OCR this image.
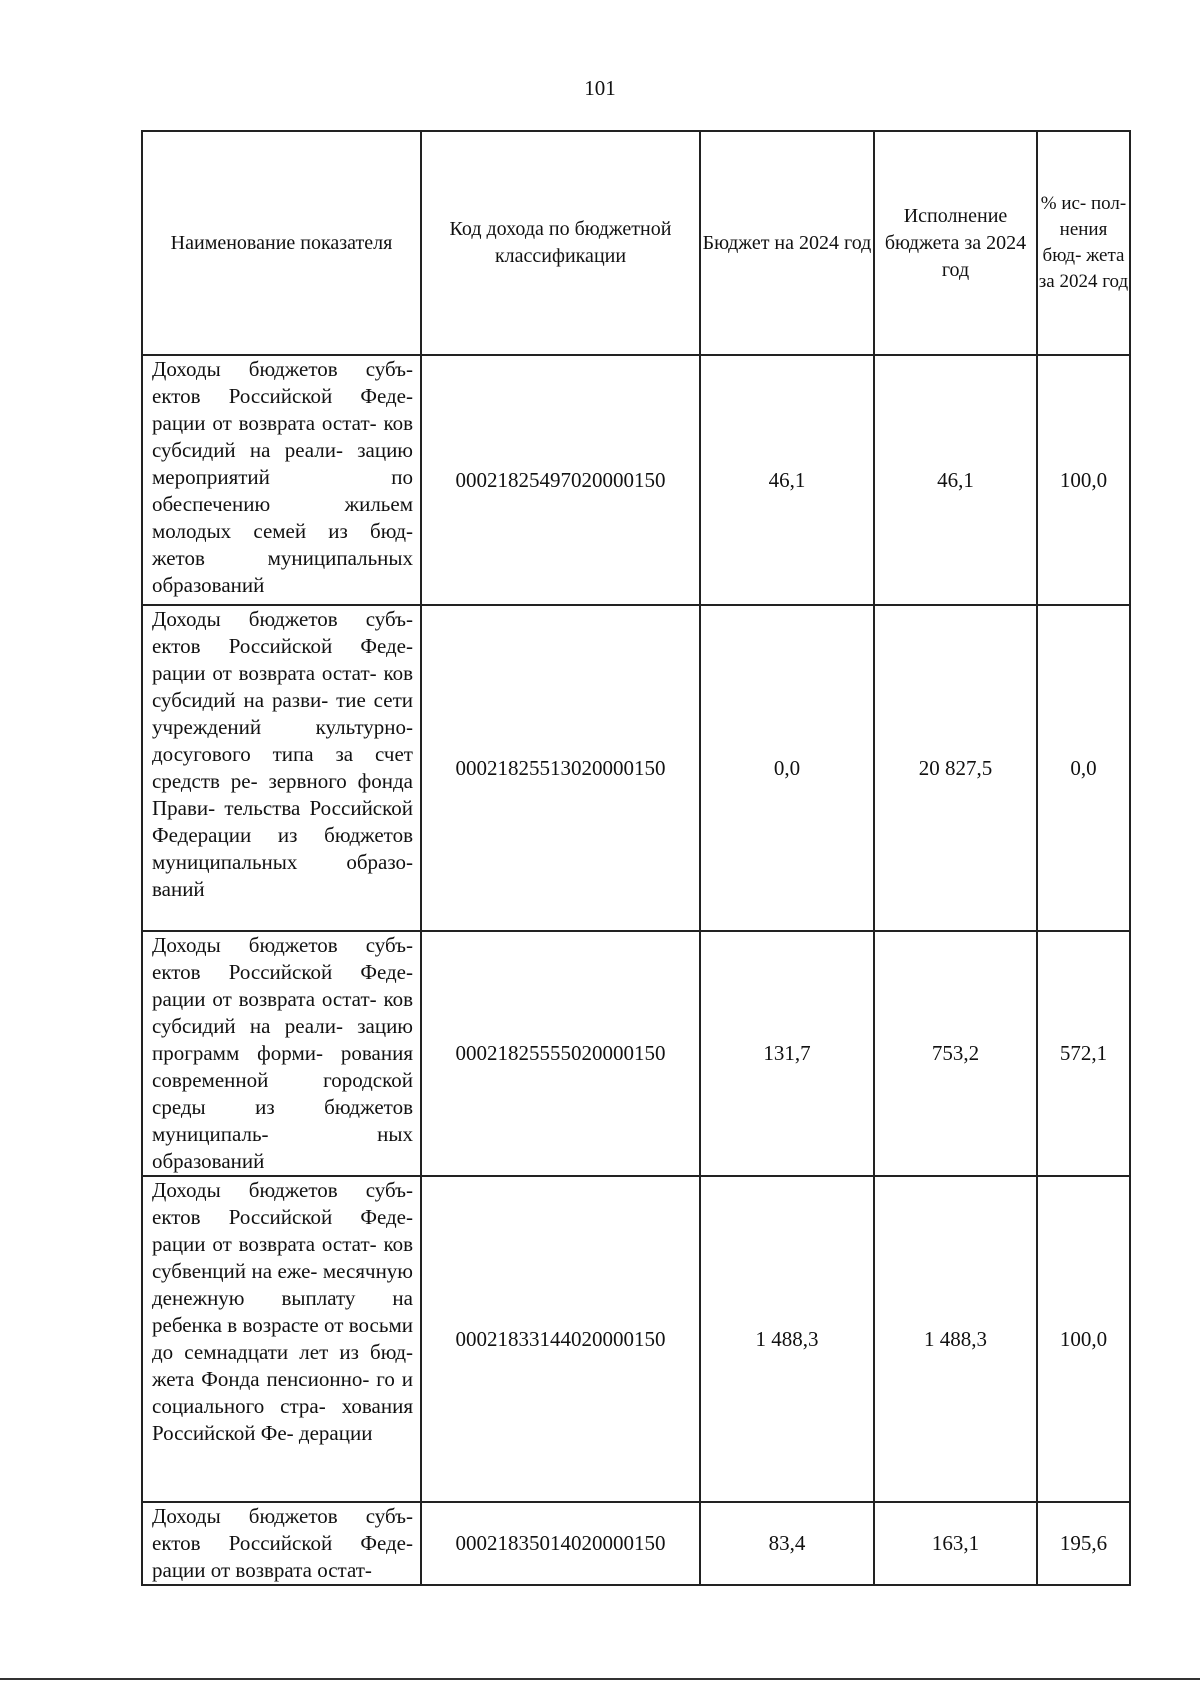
101
Наименование показателя	Код дохода по бюджетной классификации	Бюджет на 2024 год	Исполнение бюджета за 2024 год	% ис- пол- нения бюд- жета за 2024 год
Доходы бюджетов субъ- ектов Российской Феде- рации от возврата остат- ков субсидий на реали- зацию мероприятий по обеспечению жильем молодых семей из бюд- жетов муниципальных образований	00021825497020000150	46,1	46,1	100,0
Доходы бюджетов субъ- ектов Российской Феде- рации от возврата остат- ков субсидий на разви- тие сети учреждений культурно-досугового типа за счет средств ре- зервного фонда Прави- тельства Российской Федерации из бюджетов муниципальных образо- ваний	00021825513020000150	0,0	20 827,5	0,0
Доходы бюджетов субъ- ектов Российской Феде- рации от возврата остат- ков субсидий на реали- зацию программ форми- рования современной городской среды из бюджетов муниципаль- ных образований	00021825555020000150	131,7	753,2	572,1
Доходы бюджетов субъ- ектов Российской Феде- рации от возврата остат- ков субвенций на еже- месячную денежную выплату на ребенка в возрасте от восьми до семнадцати лет из бюд- жета Фонда пенсионно- го и социального стра- хования Российской Фе- дерации	00021833144020000150	1 488,3	1 488,3	100,0
Доходы бюджетов субъ- ектов Российской Феде- рации от возврата остат-	00021835014020000150	83,4	163,1	195,6
